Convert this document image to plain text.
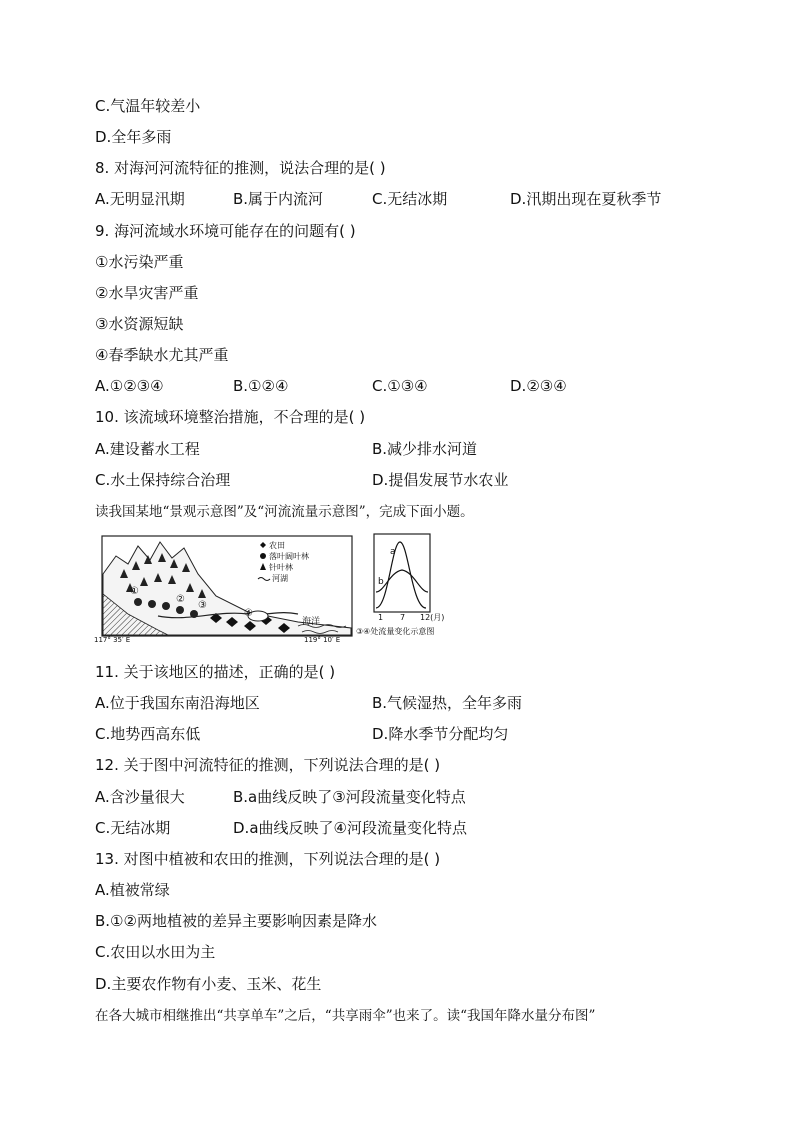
C.气温年较差小
D.全年多雨
8. 对海河河流特征的推测，说法合理的是( )
A.无明显汛期	B.属于内流河	C.无结冰期	D.汛期出现在夏秋季节
9. 海河流域水环境可能存在的问题有( )
①水污染严重
②水旱灾害严重
③水资源短缺
④春季缺水尤其严重
A.①②③④	B.①②④	C.①③④	D.②③④
10. 该流域环境整治措施，不合理的是( )
A.建设蓄水工程	B.减少排水河道
C.水土保持综合治理	D.提倡发展节水农业
读我国某地“景观示意图”及“河流流量示意图”，完成下面小题。
海洋
①
②
③
④
农田
落叶阔叶林
针叶林
河湖
117° 35′ E	119° 10′ E
a
b
1 7 12(月)
③④处流量变化示意图
11. 关于该地区的描述，正确的是( )
A.位于我国东南沿海地区	B.气候湿热，全年多雨
C.地势西高东低	D.降水季节分配均匀
12. 关于图中河流特征的推测，下列说法合理的是( )
A.含沙量很大	B.a曲线反映了③河段流量变化特点
C.无结冰期	D.a曲线反映了④河段流量变化特点
13. 对图中植被和农田的推测，下列说法合理的是( )
A.植被常绿
B.①②两地植被的差异主要影响因素是降水
C.农田以水田为主
D.主要农作物有小麦、玉米、花生
在各大城市相继推出“共享单车”之后，“共享雨伞”也来了。读“我国年降水量分布图”
